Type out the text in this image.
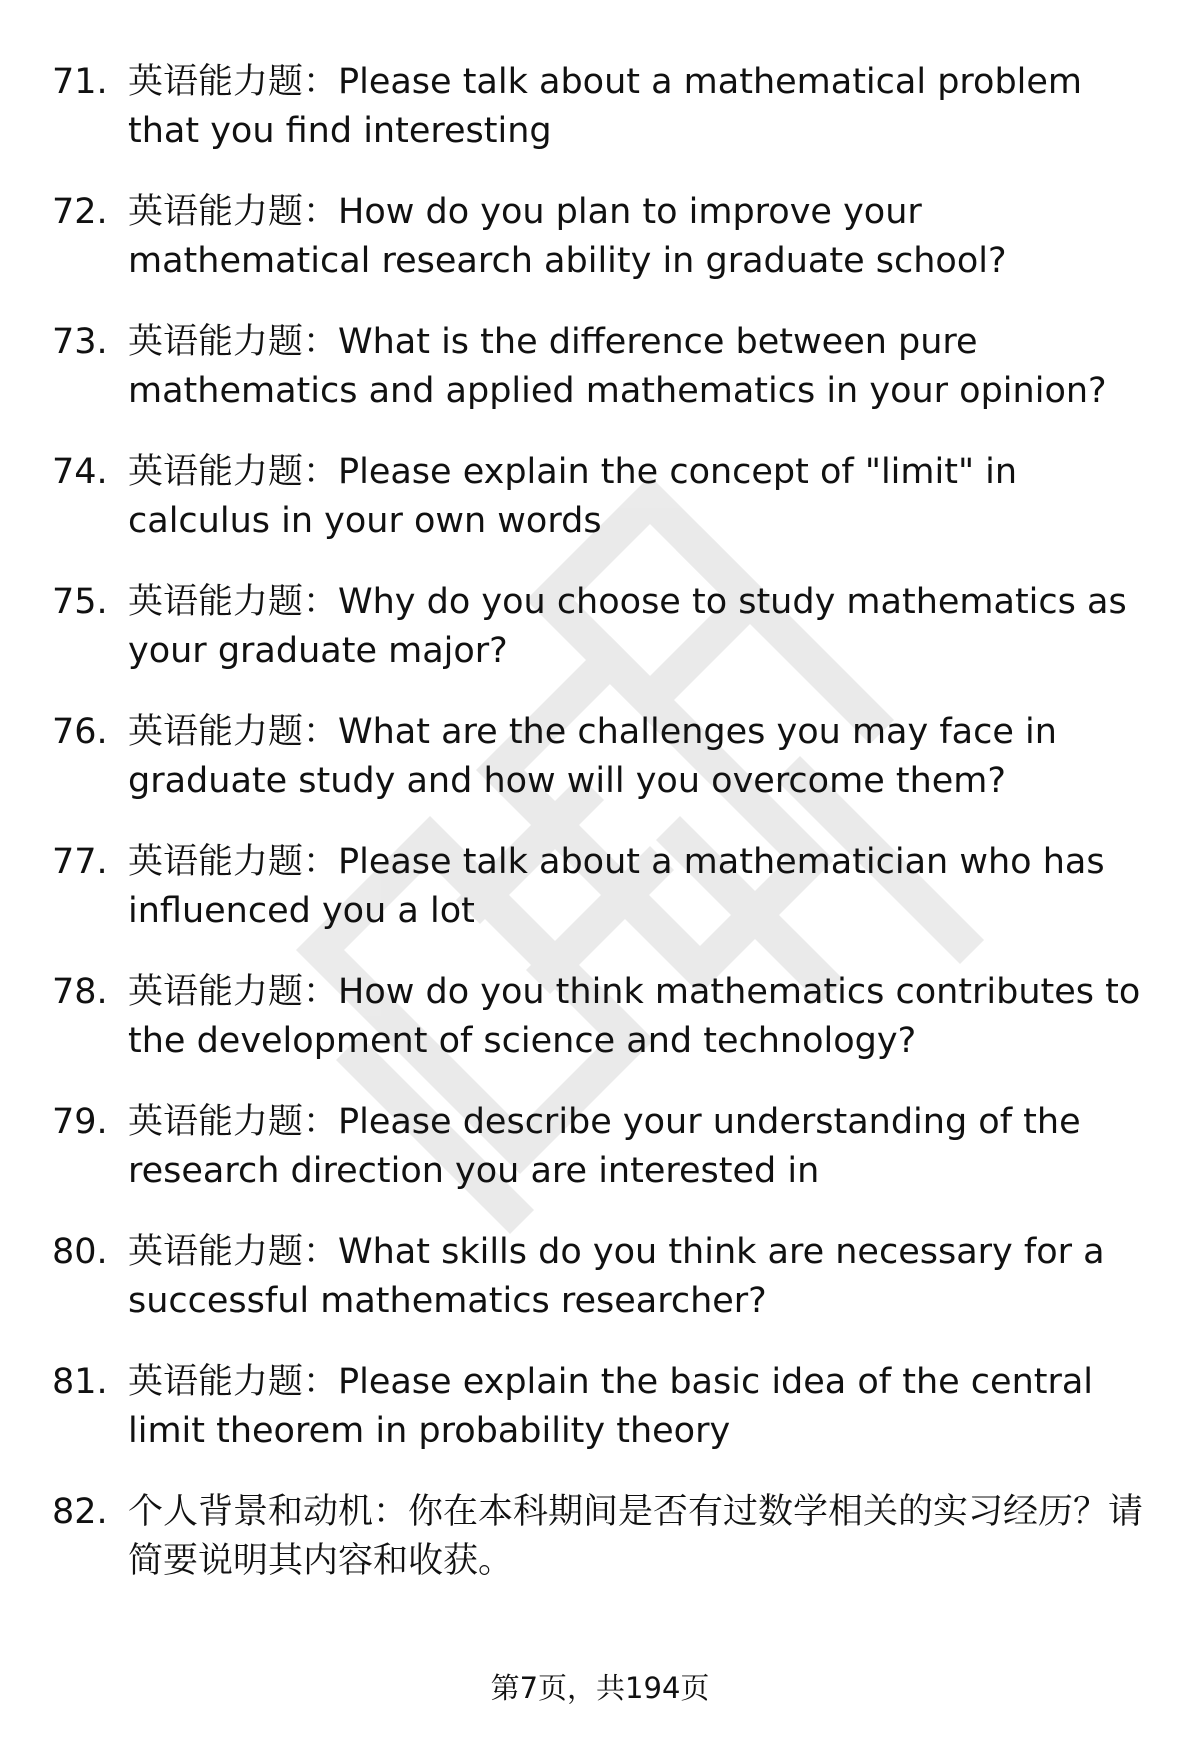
71. 英语能力题：Please talk about a mathematical problem that you find interesting
72. 英语能力题：How do you plan to improve your mathematical research ability in graduate school?
73. 英语能力题：What is the difference between pure mathematics and applied mathematics in your opinion?
74. 英语能力题：Please explain the concept of "limit" in calculus in your own words
75. 英语能力题：Why do you choose to study mathematics as your graduate major?
76. 英语能力题：What are the challenges you may face in graduate study and how will you overcome them?
77. 英语能力题：Please talk about a mathematician who has influenced you a lot
78. 英语能力题：How do you think mathematics contributes to the development of science and technology?
79. 英语能力题：Please describe your understanding of the research direction you are interested in
80. 英语能力题：What skills do you think are necessary for a successful mathematics researcher?
81. 英语能力题：Please explain the basic idea of the central limit theorem in probability theory
82. 个人背景和动机：你在本科期间是否有过数学相关的实习经历？请简要说明其内容和收获。
第7页，共194页
